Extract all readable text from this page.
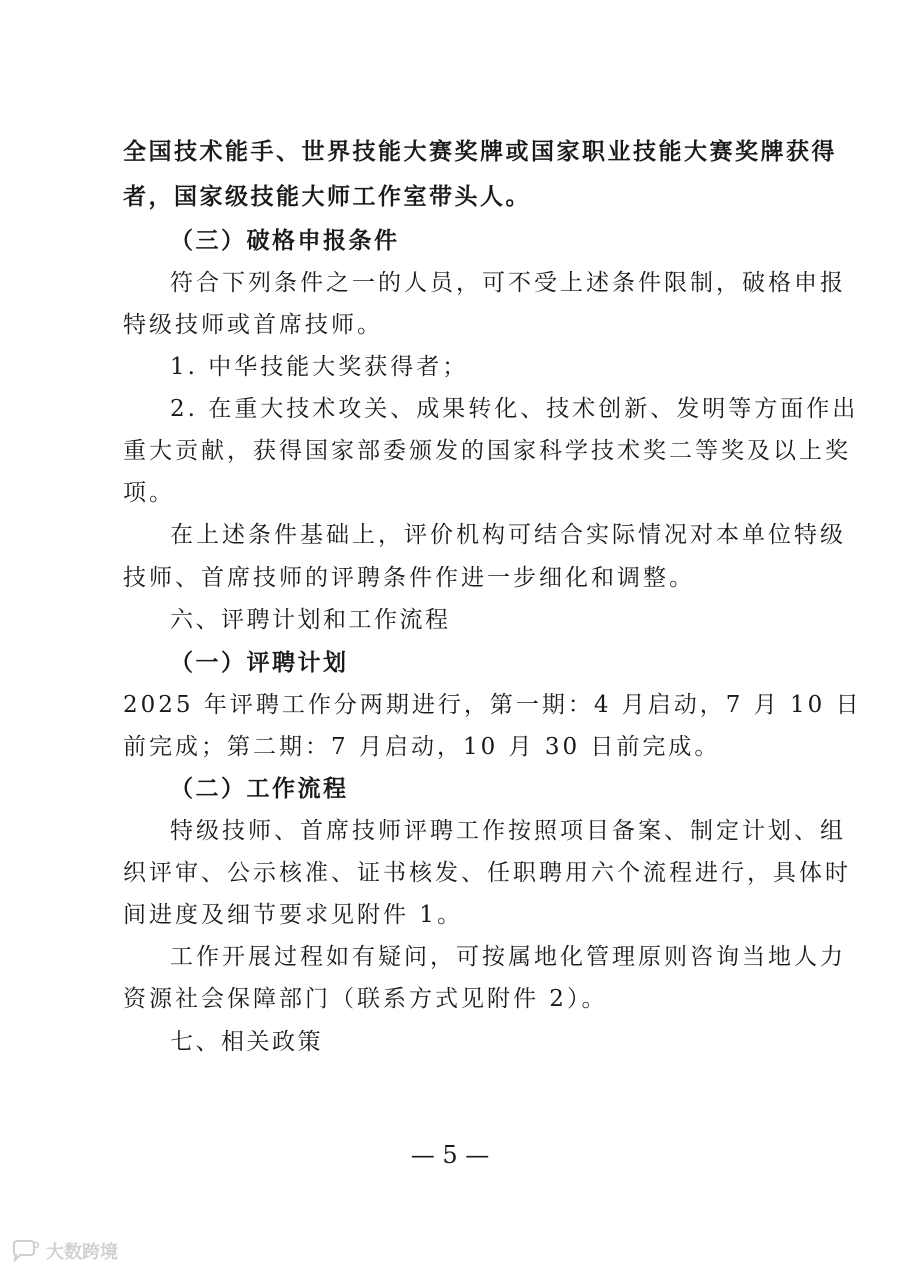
全国技术能手、世界技能大赛奖牌或国家职业技能大赛奖牌获得
者，国家级技能大师工作室带头人。
（三）破格申报条件
符合下列条件之一的人员，可不受上述条件限制，破格申报
特级技师或首席技师。
1. 中华技能大奖获得者；
2. 在重大技术攻关、成果转化、技术创新、发明等方面作出
重大贡献，获得国家部委颁发的国家科学技术奖二等奖及以上奖
项。
在上述条件基础上，评价机构可结合实际情况对本单位特级
技师、首席技师的评聘条件作进一步细化和调整。
六、评聘计划和工作流程
（一）评聘计划
2025 年评聘工作分两期进行，第一期：4 月启动，7 月 10 日
前完成；第二期：7 月启动，10 月 30 日前完成。
（二）工作流程
特级技师、首席技师评聘工作按照项目备案、制定计划、组
织评审、公示核准、证书核发、任职聘用六个流程进行，具体时
间进度及细节要求见附件 1。
工作开展过程如有疑问，可按属地化管理原则咨询当地人力
资源社会保障部门（联系方式见附件 2）。
七、相关政策
— 5 —
大数跨境
